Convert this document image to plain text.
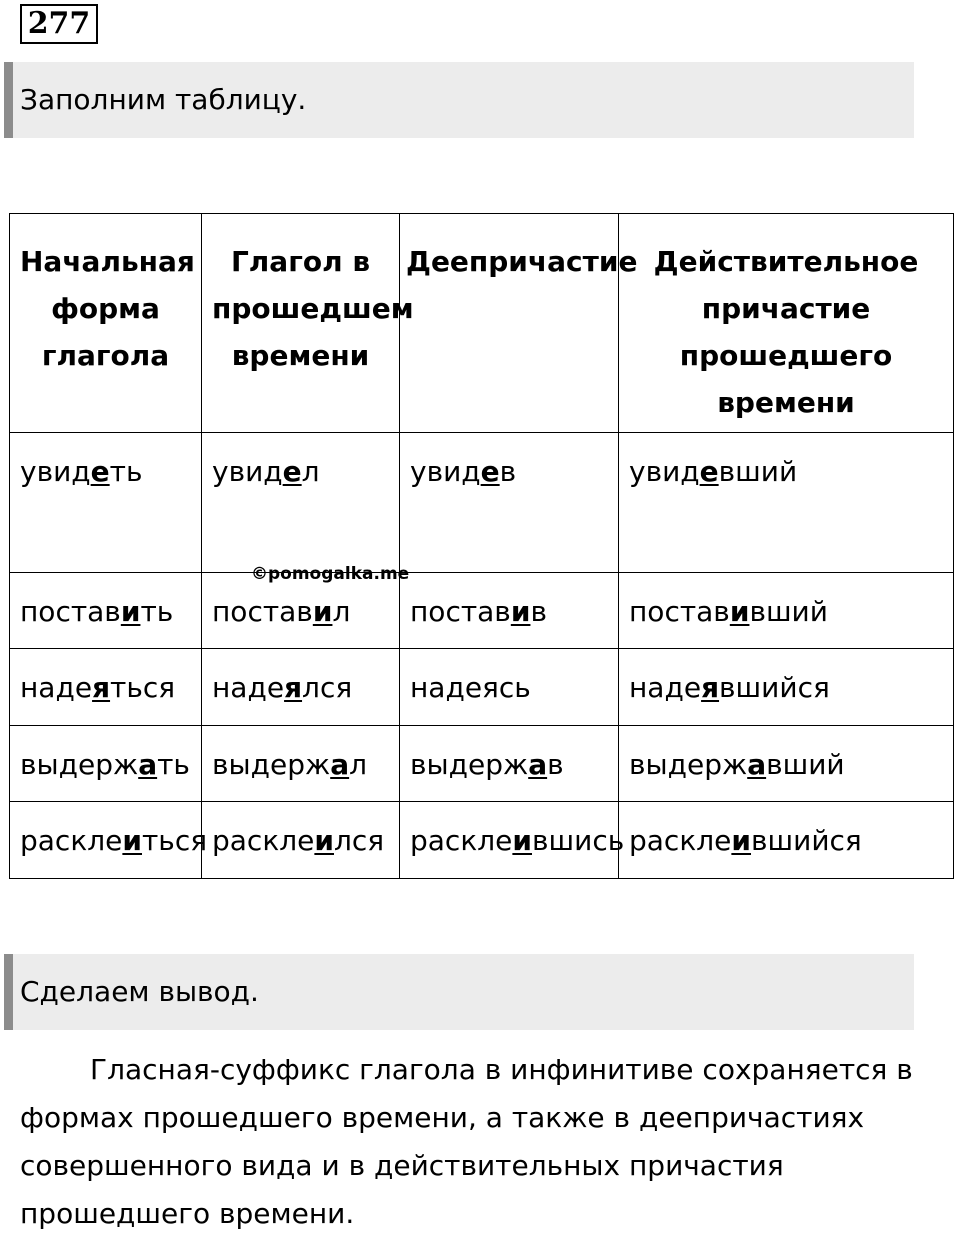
277
Заполним таблицу.
Начальная форма глагола	Глагол в прошедшем времени	Деепричастие	Действительное причастие прошедшего времени
увидеть	увидел	увидев	увидевший
поставить	поставил	поставив	поставивший
надеяться	надеялся	надеясь	надеявшийся
выдержать	выдержал	выдержав	выдержавший
расклеиться	расклеился	расклеившись	расклеившийся
©pomogalka.me
Сделаем вывод.

Гласная-суффикс глагола в инфинитиве сохраняется в формах прошедшего времени, а также в деепричастиях совершенного вида и в действительных причастия прошедшего времени.
